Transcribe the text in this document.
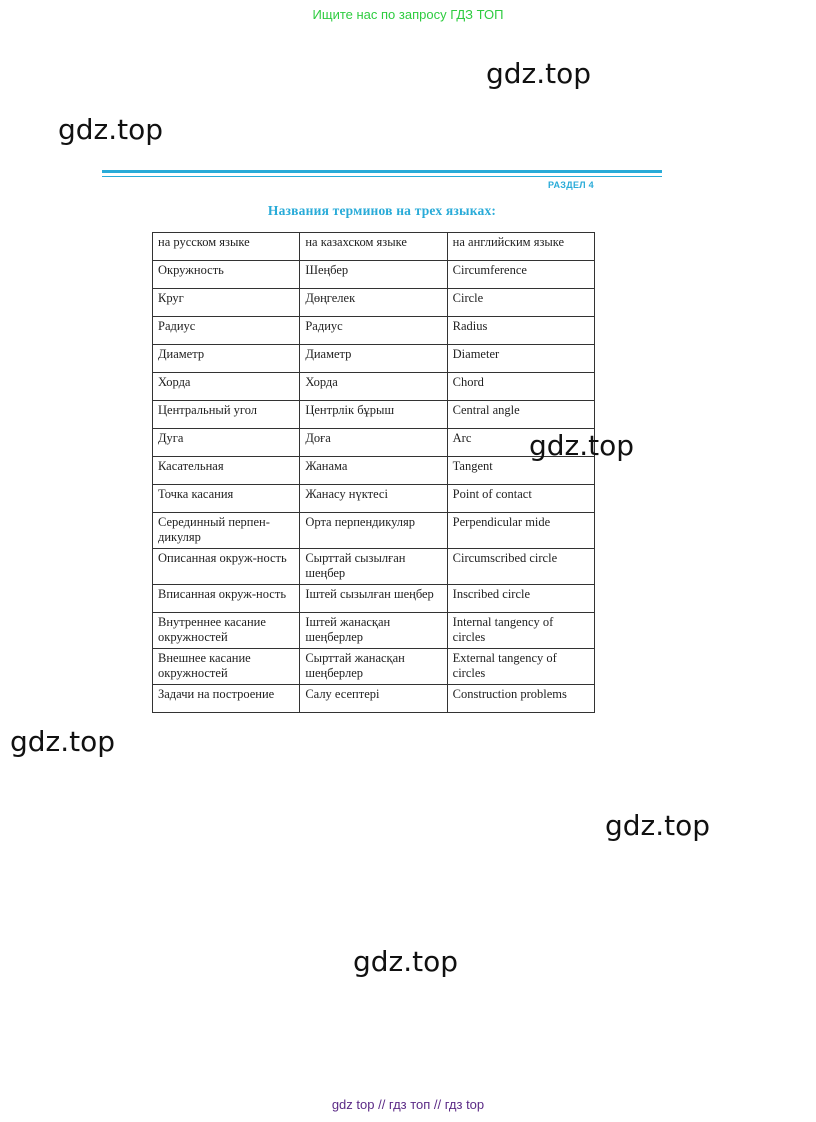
Ищите нас по запросу ГДЗ ТОП
gdz.top
gdz.top
РАЗДЕЛ 4
Названия терминов на трех языках:
на русском языке	на казахском языке	на английским языке
Окружность	Шеңбер	Circumference
Круг	Дөңгелек	Circle
Радиус	Радиус	Radius
Диаметр	Диаметр	Diameter
Хорда	Хорда	Chord
Центральный угол	Центрлік бұрыш	Central angle
Дуга	Доға	Arc
Касательная	Жанама	Tangent
Точка касания	Жанасу нүктесі	Point of contact
Серединный перпен-дикуляр	Орта перпендикуляр	Perpendicular mide
Описанная окруж-ность	Сырттай сызылған шеңбер	Circumscribed circle
Вписанная окруж-ность	Іштей сызылған шеңбер	Inscribed circle
Внутреннее касание окружностей	Іштей жанасқан шеңберлер	Internal tangency of circles
Внешнее касание окружностей	Сырттай жанасқан шеңберлер	External tangency of circles
Задачи на построение	Салу есептері	Construction problems
gdz.top
gdz.top
gdz.top
gdz.top
gdz top // гдз топ // гдз top
